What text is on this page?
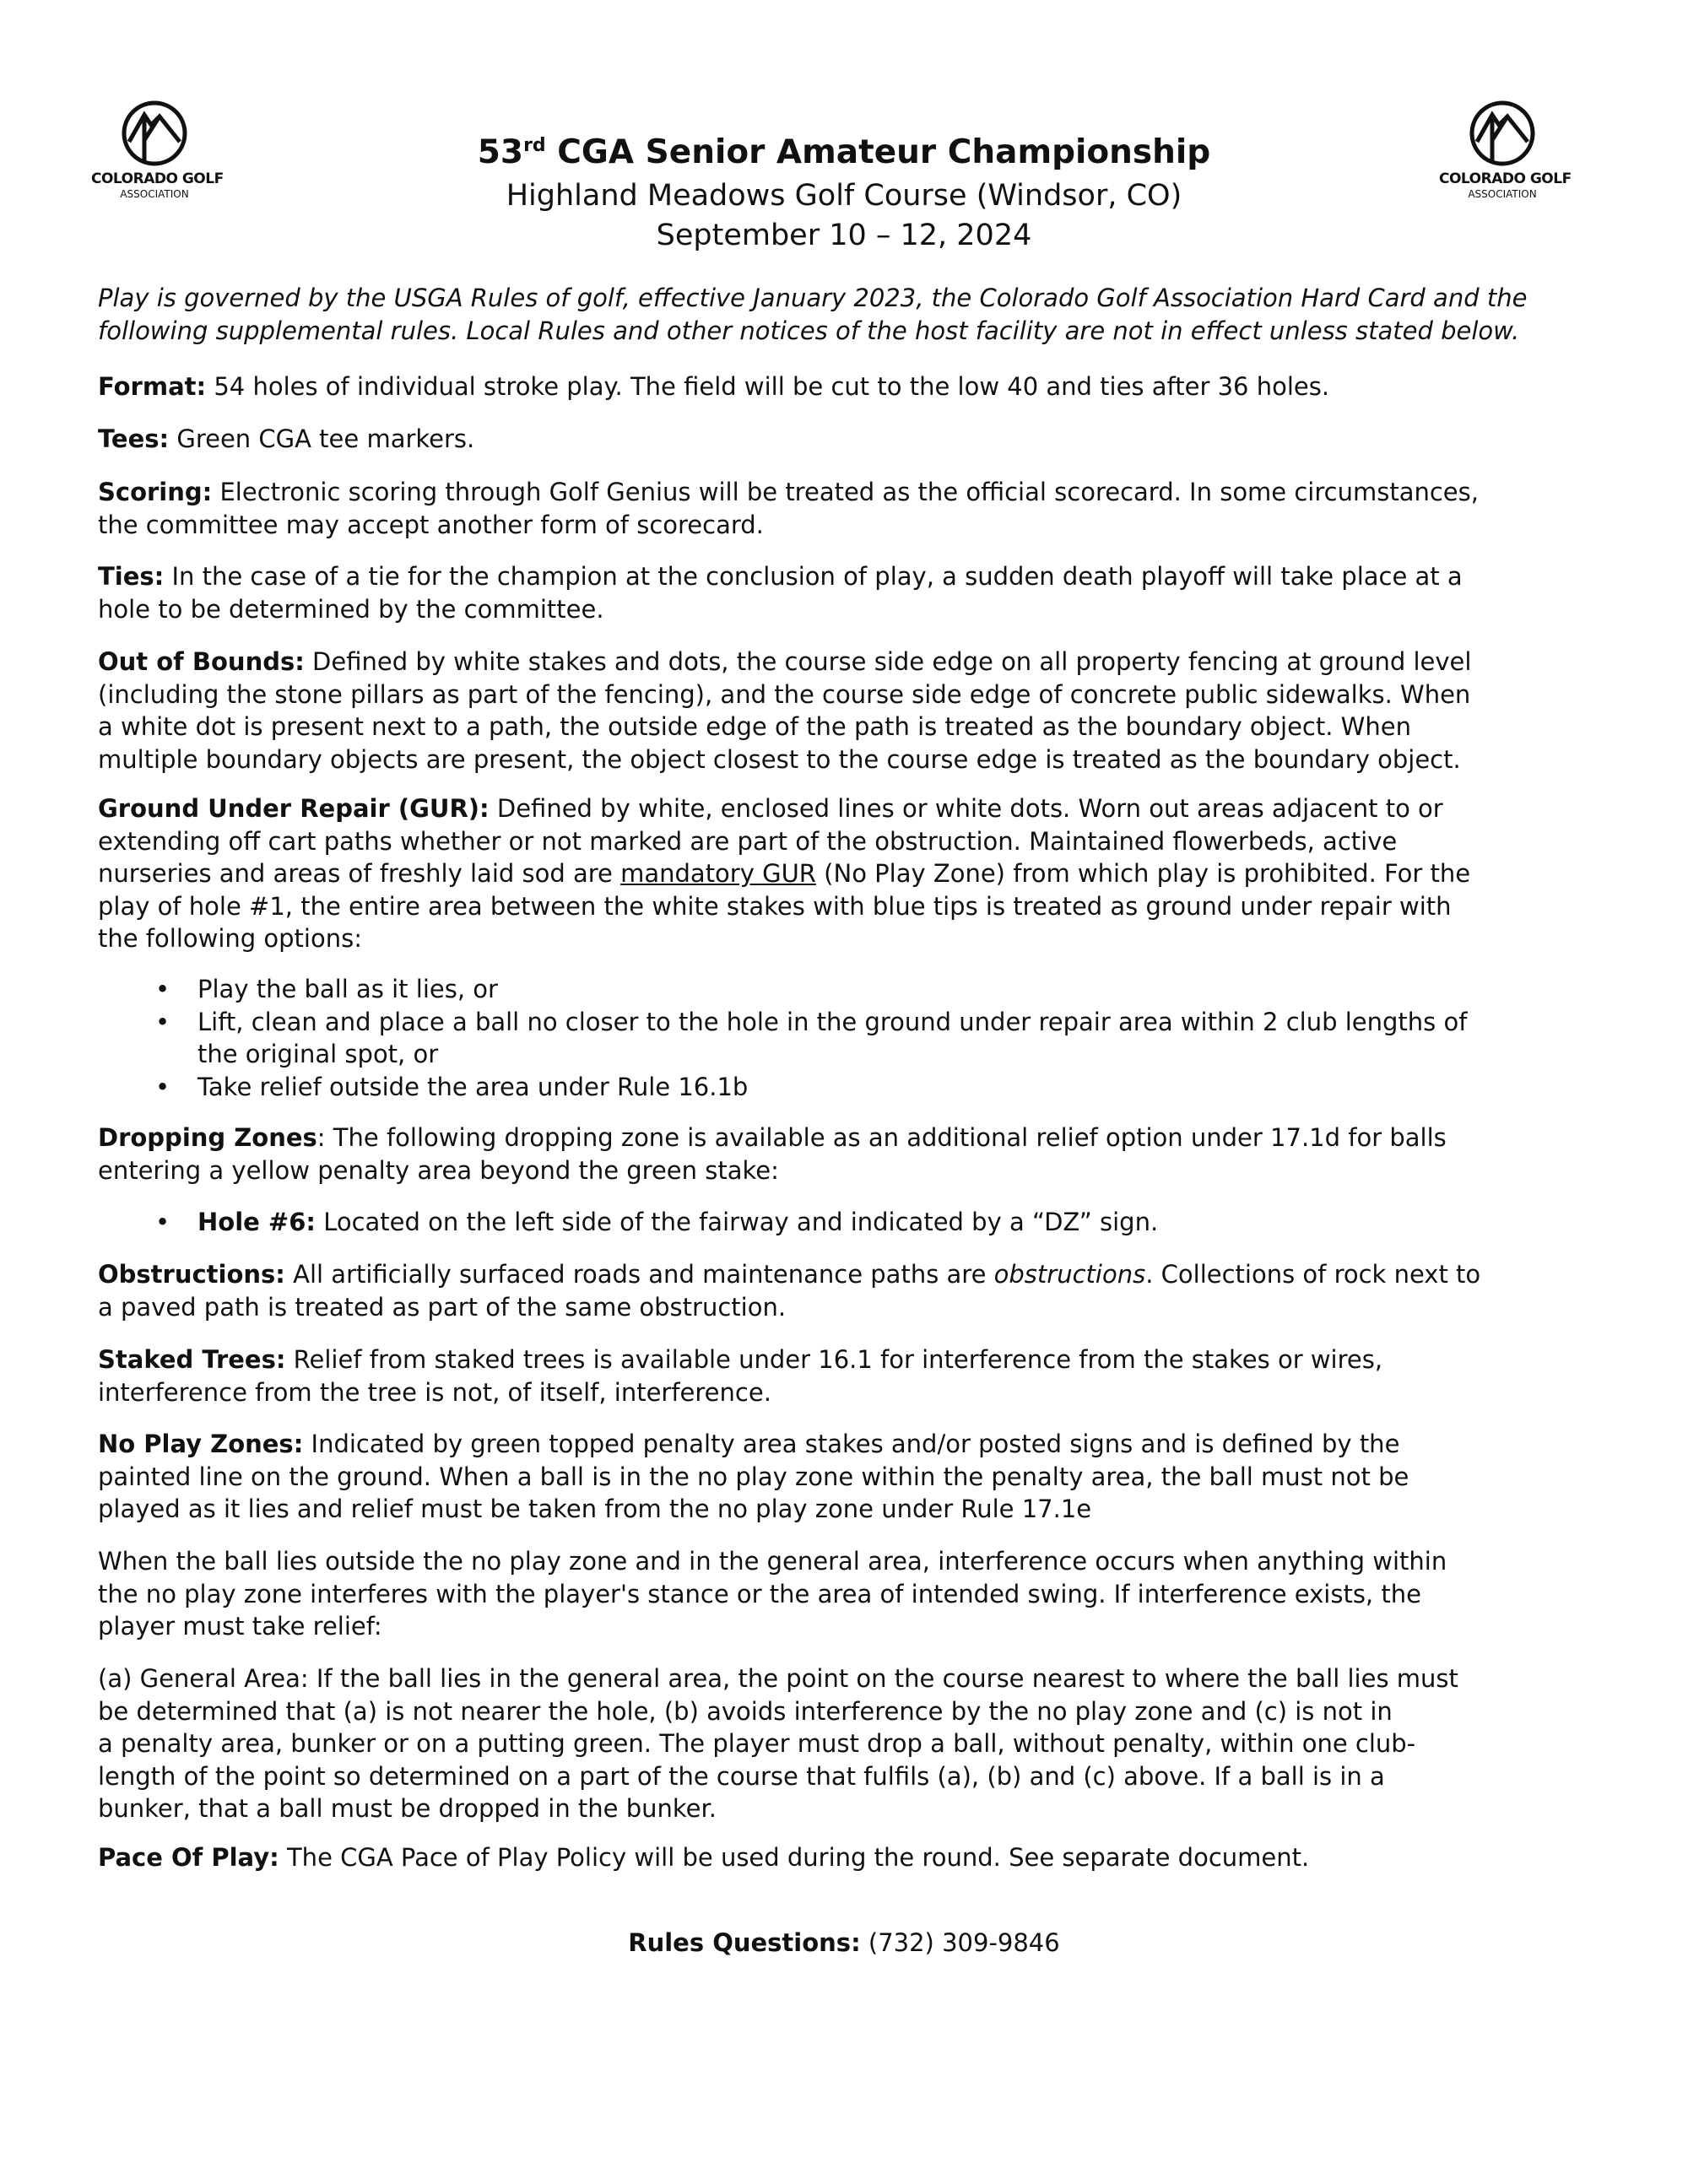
COLORADO GOLF
ASSOCIATION
COLORADO GOLF
ASSOCIATION
53rd CGA Senior Amateur Championship
Highland Meadows Golf Course (Windsor, CO)
September 10 – 12, 2024
Play is governed by the USGA Rules of golf, effective January 2023, the Colorado Golf Association Hard Card and the
following supplemental rules. Local Rules and other notices of the host facility are not in effect unless stated below.
Format: 54 holes of individual stroke play. The field will be cut to the low 40 and ties after 36 holes.
Tees: Green CGA tee markers.
Scoring: Electronic scoring through Golf Genius will be treated as the official scorecard. In some circumstances,
the committee may accept another form of scorecard.
Ties: In the case of a tie for the champion at the conclusion of play, a sudden death playoff will take place at a
hole to be determined by the committee.
Out of Bounds: Defined by white stakes and dots, the course side edge on all property fencing at ground level
(including the stone pillars as part of the fencing), and the course side edge of concrete public sidewalks. When
a white dot is present next to a path, the outside edge of the path is treated as the boundary object. When
multiple boundary objects are present, the object closest to the course edge is treated as the boundary object.
Ground Under Repair (GUR): Defined by white, enclosed lines or white dots. Worn out areas adjacent to or
extending off cart paths whether or not marked are part of the obstruction. Maintained flowerbeds, active
nurseries and areas of freshly laid sod are mandatory GUR (No Play Zone) from which play is prohibited. For the
play of hole #1, the entire area between the white stakes with blue tips is treated as ground under repair with
the following options:
• Play the ball as it lies, or
• Lift, clean and place a ball no closer to the hole in the ground under repair area within 2 club lengths of
the original spot, or
• Take relief outside the area under Rule 16.1b
Dropping Zones: The following dropping zone is available as an additional relief option under 17.1d for balls
entering a yellow penalty area beyond the green stake:
• Hole #6: Located on the left side of the fairway and indicated by a “DZ” sign.
Obstructions: All artificially surfaced roads and maintenance paths are obstructions. Collections of rock next to
a paved path is treated as part of the same obstruction.
Staked Trees: Relief from staked trees is available under 16.1 for interference from the stakes or wires,
interference from the tree is not, of itself, interference.
No Play Zones: Indicated by green topped penalty area stakes and/or posted signs and is defined by the
painted line on the ground. When a ball is in the no play zone within the penalty area, the ball must not be
played as it lies and relief must be taken from the no play zone under Rule 17.1e
When the ball lies outside the no play zone and in the general area, interference occurs when anything within
the no play zone interferes with the player's stance or the area of intended swing. If interference exists, the
player must take relief:
(a) General Area: If the ball lies in the general area, the point on the course nearest to where the ball lies must
be determined that (a) is not nearer the hole, (b) avoids interference by the no play zone and (c) is not in
a penalty area, bunker or on a putting green. The player must drop a ball, without penalty, within one club-
length of the point so determined on a part of the course that fulfils (a), (b) and (c) above. If a ball is in a
bunker, that a ball must be dropped in the bunker.
Pace Of Play: The CGA Pace of Play Policy will be used during the round. See separate document.
Rules Questions: (732) 309-9846
